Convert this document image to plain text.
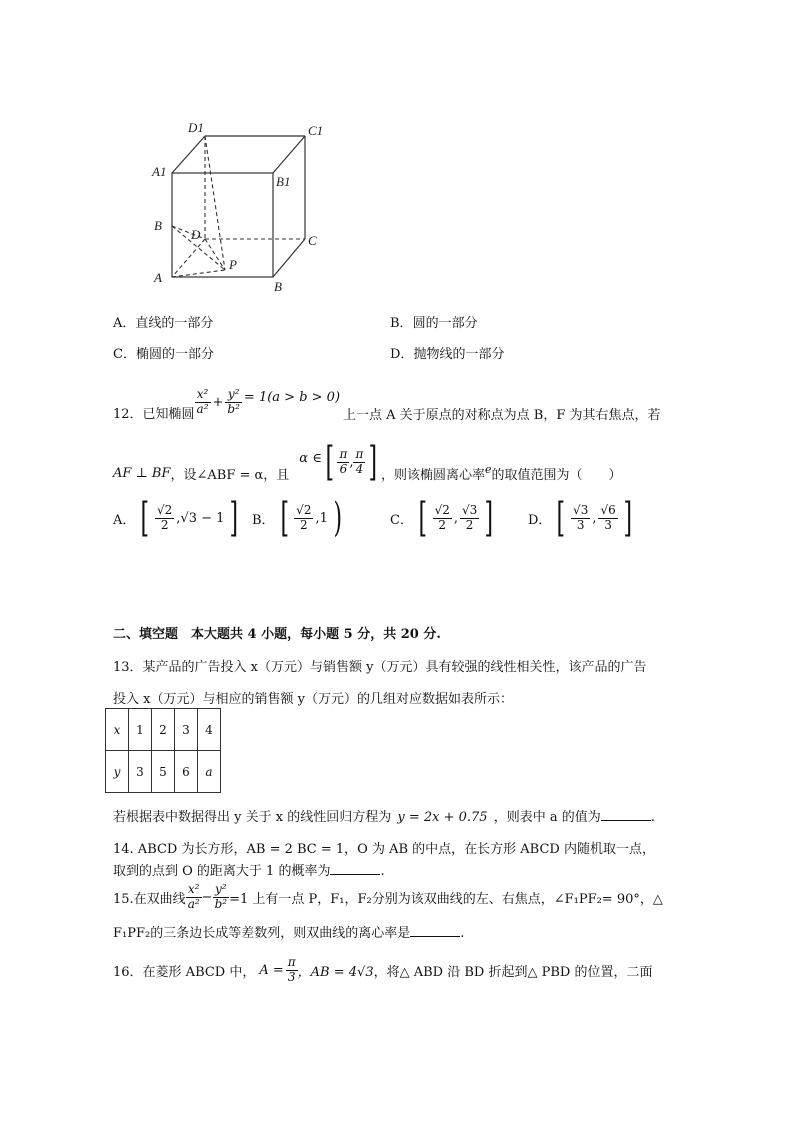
D1	C1
A1
B1
B
D	C
A
P
B
A．直线的一部分	B．圆的一部分
C．椭圆的一部分	D．抛物线的一部分
12．已知椭圆 $\frac{\text{x²}}{\text{a²}} + \frac{\text{y²}}{\text{b²}} = 1(a > b > 0)$
上一点 A 关于原点的对称点为点 B，F 为其右焦点，若
AF ⊥ BF ，设∠ABF = α ，且
α ∈ [ $\frac{\pi}{6}$ , $\frac{\pi}{4}$ ] ，则该椭圆离心率 e 的取值范围为（　　）
A． [ $\frac{√2}{2} ,√3 - 1$ ] B． [ $\frac{√2}{2} ,1$ )	C． [ $\frac{√2}{2}$ , $\frac{√3}{2}$ ]	D． [ $\frac{√3}{3}$ , $\frac{√6}{3}$ ]
二、填空题　本大题共 4 小题，每小题 5 分，共 20 分.
13．某产品的广告投入 x（万元）与销售额 y（万元）具有较强的线性相关性，该产品的广告
投入 x（万元）与相应的销售额 y（万元）的几组对应数据如表所示：
x	1	2	3	4
y	3	5	6	a
若根据表中数据得出 y 关于 x 的线性回归方程为 y = 2x + 0.75 ，则表中 a 的值为	.
14. ABCD 为长方形，AB = 2 BC = 1，O 为 AB 的中点，在长方形 ABCD 内随机取一点，
取到的点到 O 的距离大于 1 的概率为	.
15.在双曲线 $\frac{\text{x²}}{\text{a²}} - \frac{\text{y²}}{\text{b²}} =1$ 上有一点 P，F₁，F₂分别为该双曲线的左、右焦点，∠F₁PF₂= 90°，△
F₁PF₂的三条边长成等差数列，则双曲线的离心率是	.
16．在菱形 ABCD 中， $A = \frac{\pi}{3}$ ，AB = 4√3 ，将△ ABD 沿 BD 折起到△ PBD 的位置，二面
